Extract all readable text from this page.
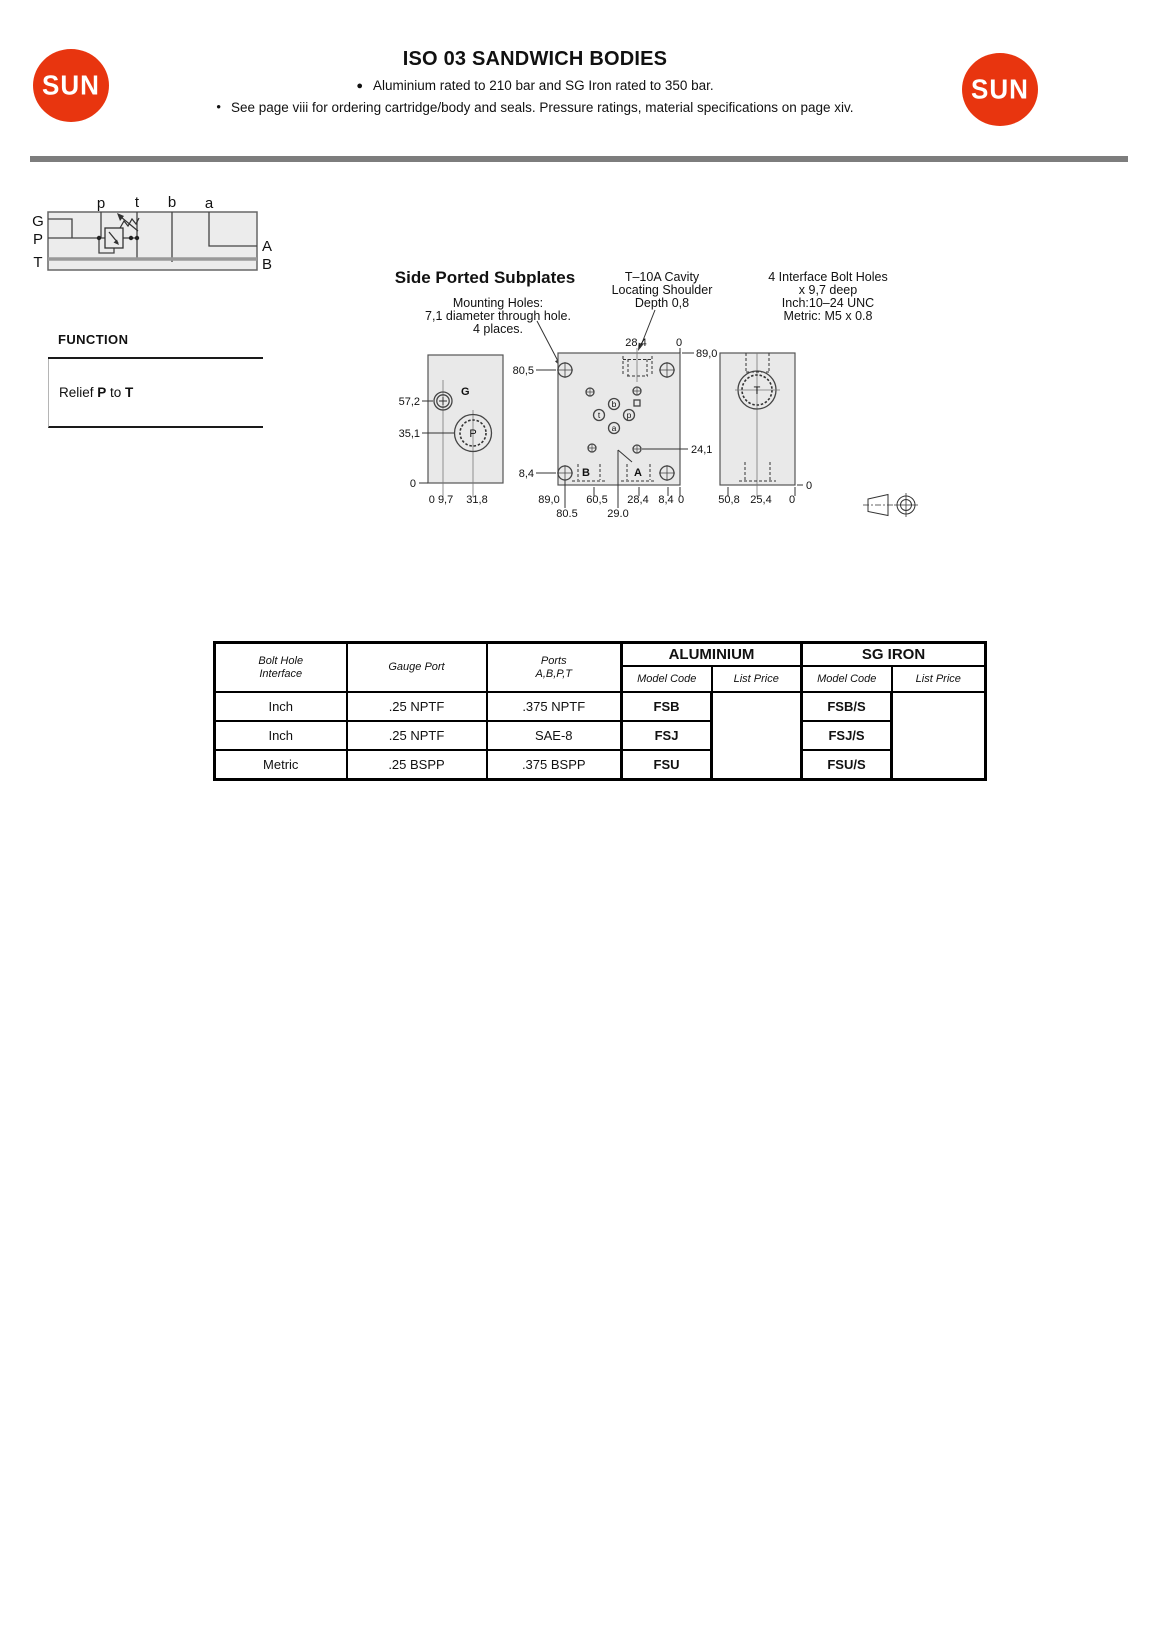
SUN	SUN
ISO 03 SANDWICH BODIES
● Aluminium rated to 210 bar and SG Iron rated to 350 bar.
• See page viii for ordering cartridge/body and seals. Pressure ratings, material specifications on page xiv.
p t b a
G
P
T
A
B
FUNCTION
Relief P to T
Side Ported Subplates
Mounting Holes:
7,1 diameter through hole.
4 places.
T–10A Cavity
Locating Shoulder
Depth 0,8
4 Interface Bolt Holes
x 9,7 deep
Inch:10–24 UNC
Metric: M5 x 0.8
G
P
57,2
35,1
0
0 9,7 31,8
b
t	p
a
B	A
28,4	0
89,0
80,5
8,4
24,1
89,0 60,5 28,4 8,4 0
80.5	29.0
T
0
50,8 25,4 0
Bolt Hole
Interface	Gauge Port	Ports
A,B,P,T	ALUMINIUM		SG IRON	
			Model Code	List Price	Model Code	List Price
Inch	.25 NPTF	.375 NPTF	FSB		FSB/S	
Inch	.25 NPTF	SAE-8	FSJ		FSJ/S	
Metric	.25 BSPP	.375 BSPP	FSU		FSU/S	
